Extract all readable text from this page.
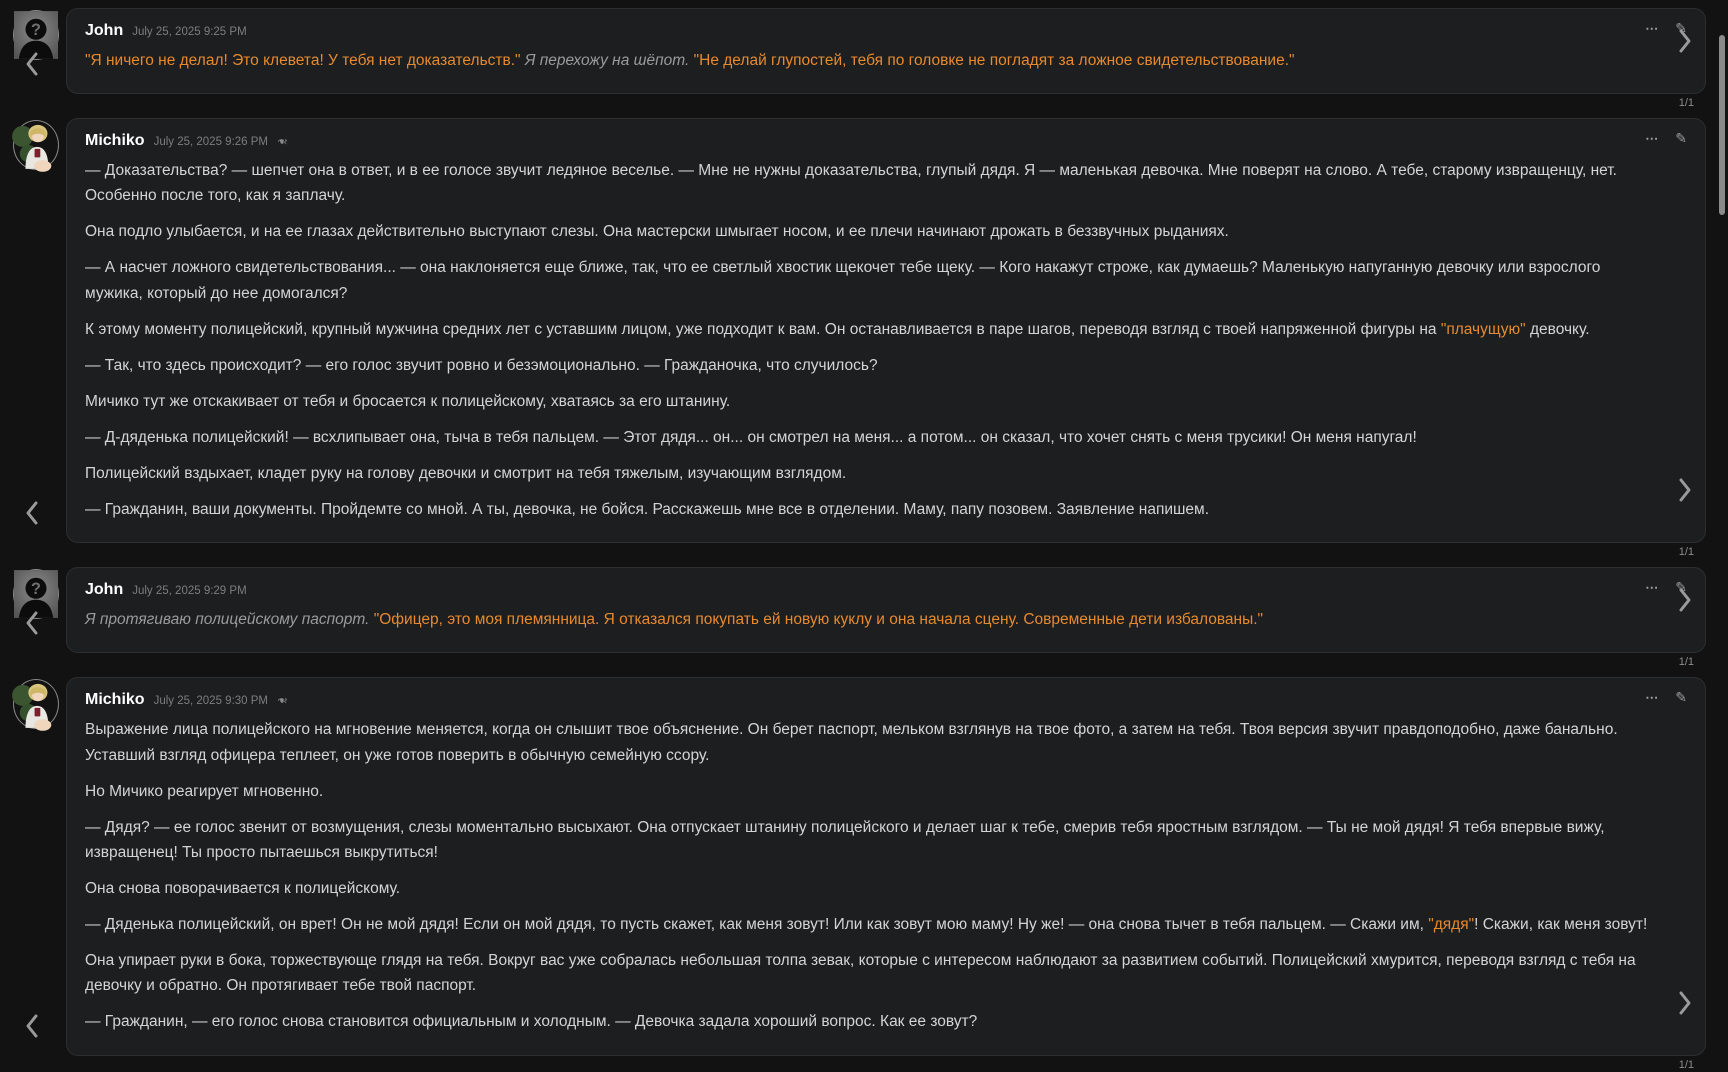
?	John July 25, 2025 9:25 PM	⋯ ✎

"Я ничего не делал! Это клевета! У тебя нет доказательств." Я перехожу на шёпот. "Не делай глупостей, тебя по головке не погладят за ложное свидетельствование."

1/1
Michiko July 25, 2025 9:26 PM ❧	⋯ ✎

— Доказательства? — шепчет она в ответ, и в ее голосе звучит ледяное веселье. — Мне не нужны доказательства, глупый дядя. Я — маленькая девочка. Мне поверят на слово. А тебе, старому извращенцу, нет. Особенно после того, как я заплачу.

Она подло улыбается, и на ее глазах действительно выступают слезы. Она мастерски шмыгает носом, и ее плечи начинают дрожать в беззвучных рыданиях.

— А насчет ложного свидетельствования... — она наклоняется еще ближе, так, что ее светлый хвостик щекочет тебе щеку. — Кого накажут строже, как думаешь? Маленькую напуганную девочку или взрослого мужика, который до нее домогался?

К этому моменту полицейский, крупный мужчина средних лет с уставшим лицом, уже подходит к вам. Он останавливается в паре шагов, переводя взгляд с твоей напряженной фигуры на "плачущую" девочку.

— Так, что здесь происходит? — его голос звучит ровно и безэмоционально. — Гражданочка, что случилось?

Мичико тут же отскакивает от тебя и бросается к полицейскому, хватаясь за его штанину.

— Д-дяденька полицейский! — всхлипывает она, тыча в тебя пальцем. — Этот дядя... он... он смотрел на меня... а потом... он сказал, что хочет снять с меня трусики! Он меня напугал!

Полицейский вздыхает, кладет руку на голову девочки и смотрит на тебя тяжелым, изучающим взглядом.

— Гражданин, ваши документы. Пройдемте со мной. А ты, девочка, не бойся. Расскажешь мне все в отделении. Маму, папу позовем. Заявление напишем.

1/1
?	John July 25, 2025 9:29 PM	⋯ ✎

Я протягиваю полицейскому паспорт. "Офицер, это моя племянница. Я отказался покупать ей новую куклу и она начала сцену. Современные дети избалованы."

1/1
Michiko July 25, 2025 9:30 PM ❧	⋯ ✎

Выражение лица полицейского на мгновение меняется, когда он слышит твое объяснение. Он берет паспорт, мельком взглянув на твое фото, а затем на тебя. Твоя версия звучит правдоподобно, даже банально. Уставший взгляд офицера теплеет, он уже готов поверить в обычную семейную ссору.

Но Мичико реагирует мгновенно.

— Дядя? — ее голос звенит от возмущения, слезы моментально высыхают. Она отпускает штанину полицейского и делает шаг к тебе, смерив тебя яростным взглядом. — Ты не мой дядя! Я тебя впервые вижу, извращенец! Ты просто пытаешься выкрутиться!

Она снова поворачивается к полицейскому.

— Дяденька полицейский, он врет! Он не мой дядя! Если он мой дядя, то пусть скажет, как меня зовут! Или как зовут мою маму! Ну же! — она снова тычет в тебя пальцем. — Скажи им, "дядя"! Скажи, как меня зовут!

Она упирает руки в бока, торжествующе глядя на тебя. Вокруг вас уже собралась небольшая толпа зевак, которые с интересом наблюдают за развитием событий. Полицейский хмурится, переводя взгляд с тебя на девочку и обратно. Он протягивает тебе твой паспорт.

— Гражданин, — его голос снова становится официальным и холодным. — Девочка задала хороший вопрос. Как ее зовут?

1/1
